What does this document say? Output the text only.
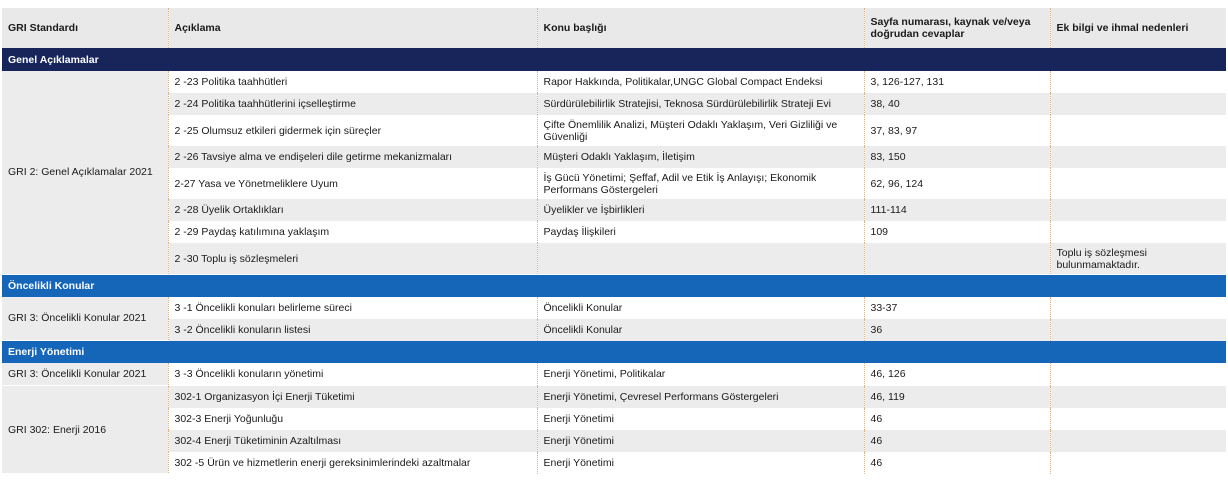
GRI Standardı	Açıklama	Konu başlığı	Sayfa numarası, kaynak ve/veya doğrudan cevaplar	Ek bilgi ve ihmal nedenleri
Genel Açıklamalar				
GRI 2: Genel Açıklamalar 2021	2 -23 Politika taahhütleri	Rapor Hakkında, Politikalar,UNGC Global Compact Endeksi	3, 126-127, 131	
	2 -24 Politika taahhütlerini içselleştirme	Sürdürülebilirlik Stratejisi, Teknosa Sürdürülebilirlik Strateji Evi	38, 40	
	2 -25 Olumsuz etkileri gidermek için süreçler	Çifte Önemlilik Analizi, Müşteri Odaklı Yaklaşım, Veri Gizliliği ve Güvenliği	37, 83, 97	
	2 -26 Tavsiye alma ve endişeleri dile getirme mekanizmaları	Müşteri Odaklı Yaklaşım, İletişim	83, 150	
	2-27 Yasa ve Yönetmeliklere Uyum	İş Gücü Yönetimi; Şeffaf, Adil ve Etik İş Anlayışı; Ekonomik Performans Göstergeleri	62, 96, 124	
	2 -28 Üyelik Ortaklıkları	Üyelikler ve İşbirlikleri	111-114	
	2 -29 Paydaş katılımına yaklaşım	Paydaş İlişkileri	109	
	2 -30 Toplu iş sözleşmeleri			Toplu iş sözleşmesi bulunmamaktadır.
Öncelikli Konular				
GRI 3: Öncelikli Konular 2021	3 -1 Öncelikli konuları belirleme süreci	Öncelikli Konular	33-37	
	3 -2 Öncelikli konuların listesi	Öncelikli Konular	36	
Enerji Yönetimi				
GRI 3: Öncelikli Konular 2021	3 -3 Öncelikli konuların yönetimi	Enerji Yönetimi, Politikalar	46, 126	
GRI 302: Enerji 2016	302-1 Organizasyon İçi Enerji Tüketimi	Enerji Yönetimi, Çevresel Performans Göstergeleri	46, 119	
	302-3 Enerji Yoğunluğu	Enerji Yönetimi	46	
	302-4 Enerji Tüketiminin Azaltılması	Enerji Yönetimi	46	
	302 -5 Ürün ve hizmetlerin enerji gereksinimlerindeki azaltmalar	Enerji Yönetimi	46	
